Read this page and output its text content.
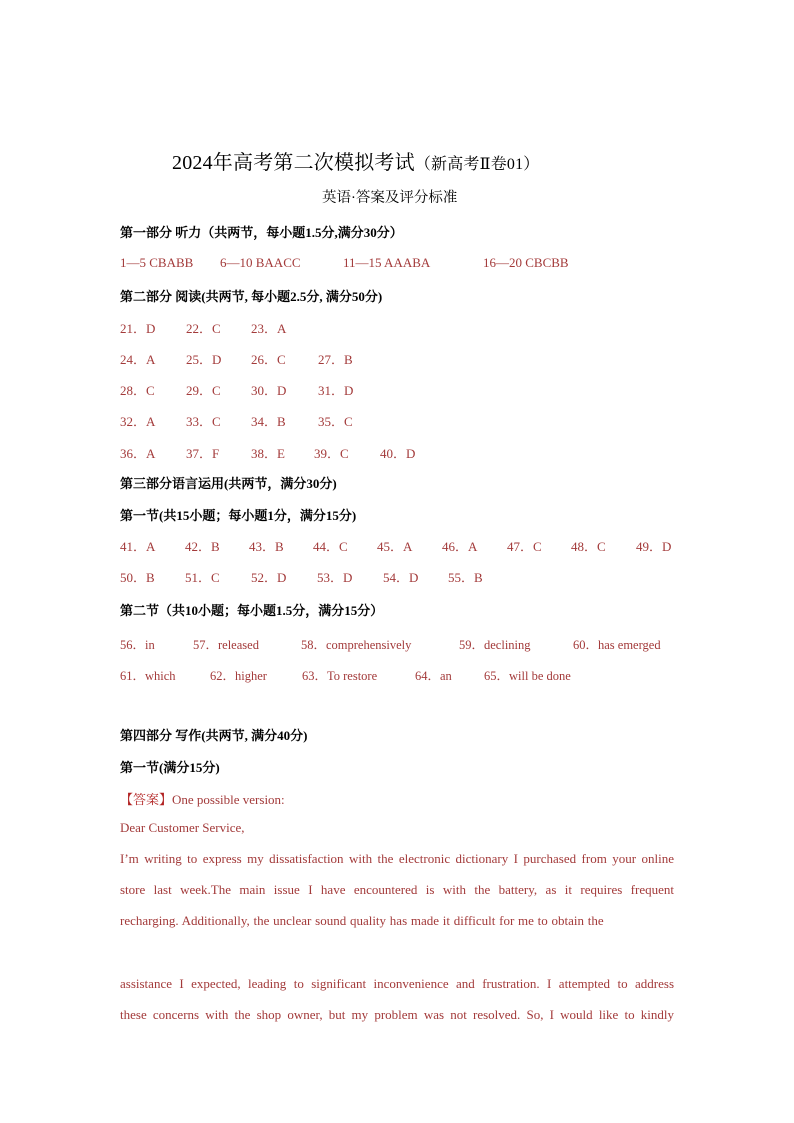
2024年高考第二次模拟考试（新高考Ⅱ卷01）
英语·答案及评分标准
第一部分 听力（共两节，每小题1.5分,满分30分）
1—5 CBABB 6—10 BAACC	11—15 AAABA	16—20 CBCBB
第二部分 阅读(共两节, 每小题2.5分, 满分50分)
21．D 22．C 23．A
24．A 25．D 26．C 27．B
28．C 29．C 30．D 31．D
32．A 33．C 34．B 35．C
36．A 37．F 38．E 39．C 40．D
第三部分语言运用(共两节，满分30分)
第一节(共15小题；每小题1分，满分15分)
41．A 42．B 43．B 44．C 45．A 46．A 47．C 48．C 49．D
50．B 51．C 52．D 53．D 54．D 55．B
第二节（共10小题；每小题1.5分，满分15分）
56．in	57．released	58．comprehensively	59．declining	60．has emerged
61．which	62．higher	63．To restore	64．an	65．will be done
第四部分 写作(共两节, 满分40分)
第一节(满分15分)
【答案】One possible version:
Dear Customer Service,
I’m writing to express my dissatisfaction with the electronic dictionary I purchased from your online
store last week.The main issue I have encountered is with the battery, as it requires frequent
recharging. Additionally, the unclear sound quality has made it difficult for me to obtain the
assistance I expected, leading to significant inconvenience and frustration. I attempted to address
these concerns with the shop owner, but my problem was not resolved. So, I would like to kindly
